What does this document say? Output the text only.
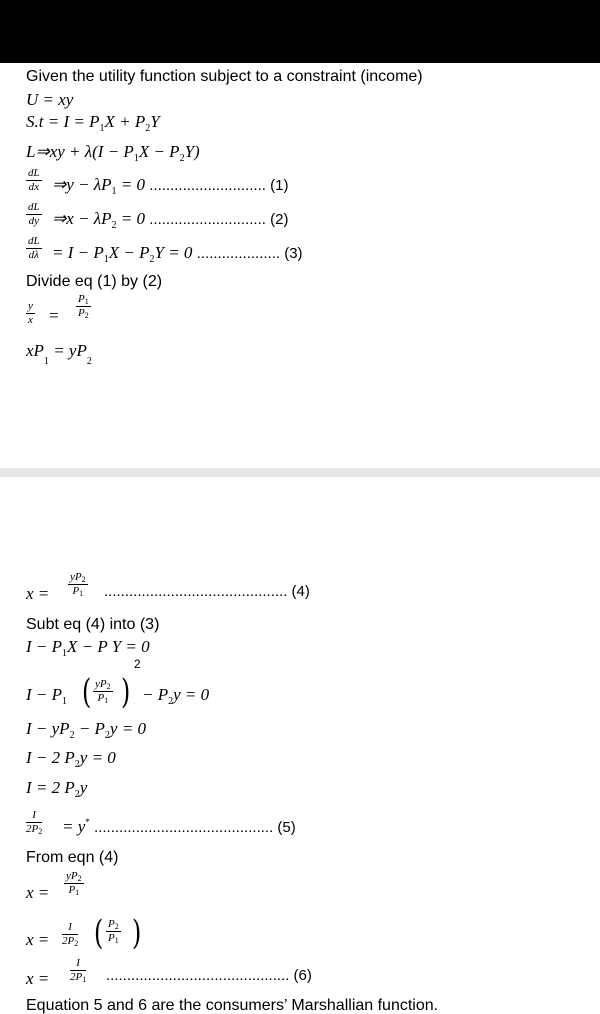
Given the utility function subject to a constraint (income)
U = xy
$S.t = I = P_1X + P_2Y$
L⇒xy + $\lambda(I - P_1X - P_2Y)$
$\frac{dL}{dx}$ ⇒y − $\lambda P_1 = 0$ ............................ (1)
$\frac{dL}{dy}$ ⇒x − $\lambda P_2 = 0$ ............................ (2)
$\frac{dL}{d\lambda} = I - P_1X - P_2Y = 0$ .................... (3)
Divide eq (1) by (2)
$\frac{y}{x} = \frac{P1}{P2}$
$xP_1 = yP_2$
$x = \frac{yP2}{P1}$ ............................................ (4)
Subt eq (4) into (3)
$I - P_1X - P$ Y = 0
2
$I - P_1$ ( $\frac{yP2}{P1}$ ) − $P_2y = 0$
$I - yP_2 - P_2y = 0$
I − 2 $P_2y = 0$
I = 2 $P_2y$
$\frac{I}{2P2} = y^*$ ........................................... (5)
From eqn (4)
$x = \frac{yP2}{P1}$
$x = \frac{I}{2P2}$ ( $\frac{P2}{P1}$ )
$x = \frac{I}{2P1}$ ............................................ (6)
Equation 5 and 6 are the consumers’ Marshallian function.
